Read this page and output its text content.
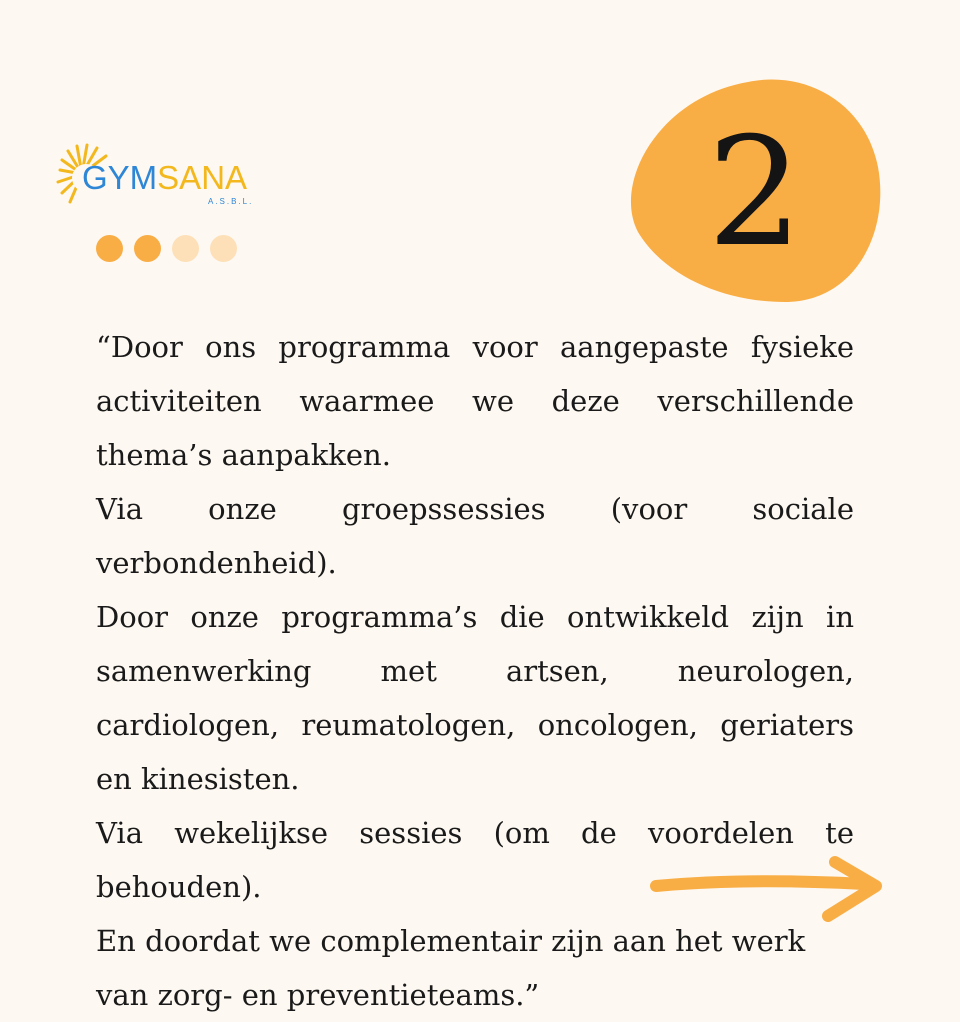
GYMSANA
A.S.B.L.	2

“Door ons programma voor aangepaste fysieke activiteiten waarmee we deze verschillende thema’s aanpakken.

Via onze groepssessies (voor sociale verbondenheid).

Door onze programma’s die ontwikkeld zijn in samenwerking met artsen, neurologen, cardiologen, reumatologen, oncologen, geriaters en kinesisten.

Via wekelijkse sessies (om de voordelen te behouden).

En doordat we complementair zijn aan het werk van zorg- en preventieteams.”
